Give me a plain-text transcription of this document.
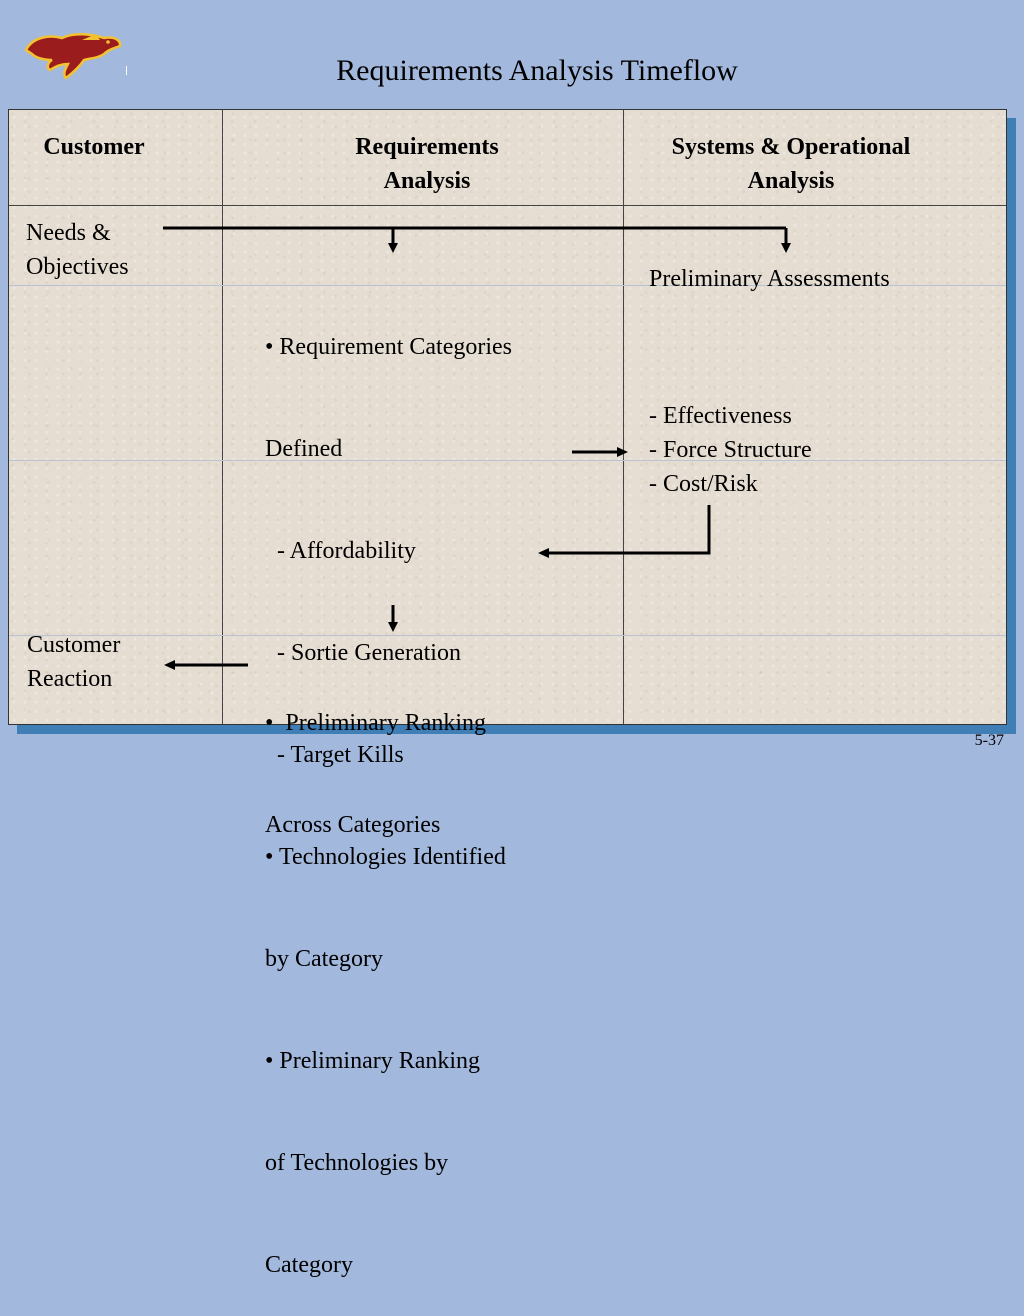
Requirements Analysis Timeflow
Customer	Requirements
Analysis
Systems & Operational
Analysis
Needs &
Objectives
Customer
Reaction

• Requirement Categories

Defined

- Affordability

- Sortie Generation

- Target Kills

• Technologies Identified

by Category

• Preliminary Ranking

of Technologies by

Category

•  Preliminary Ranking

Across Categories

Preliminary Assessments
- Effectiveness
- Force Structure
- Cost/Risk
5-37
